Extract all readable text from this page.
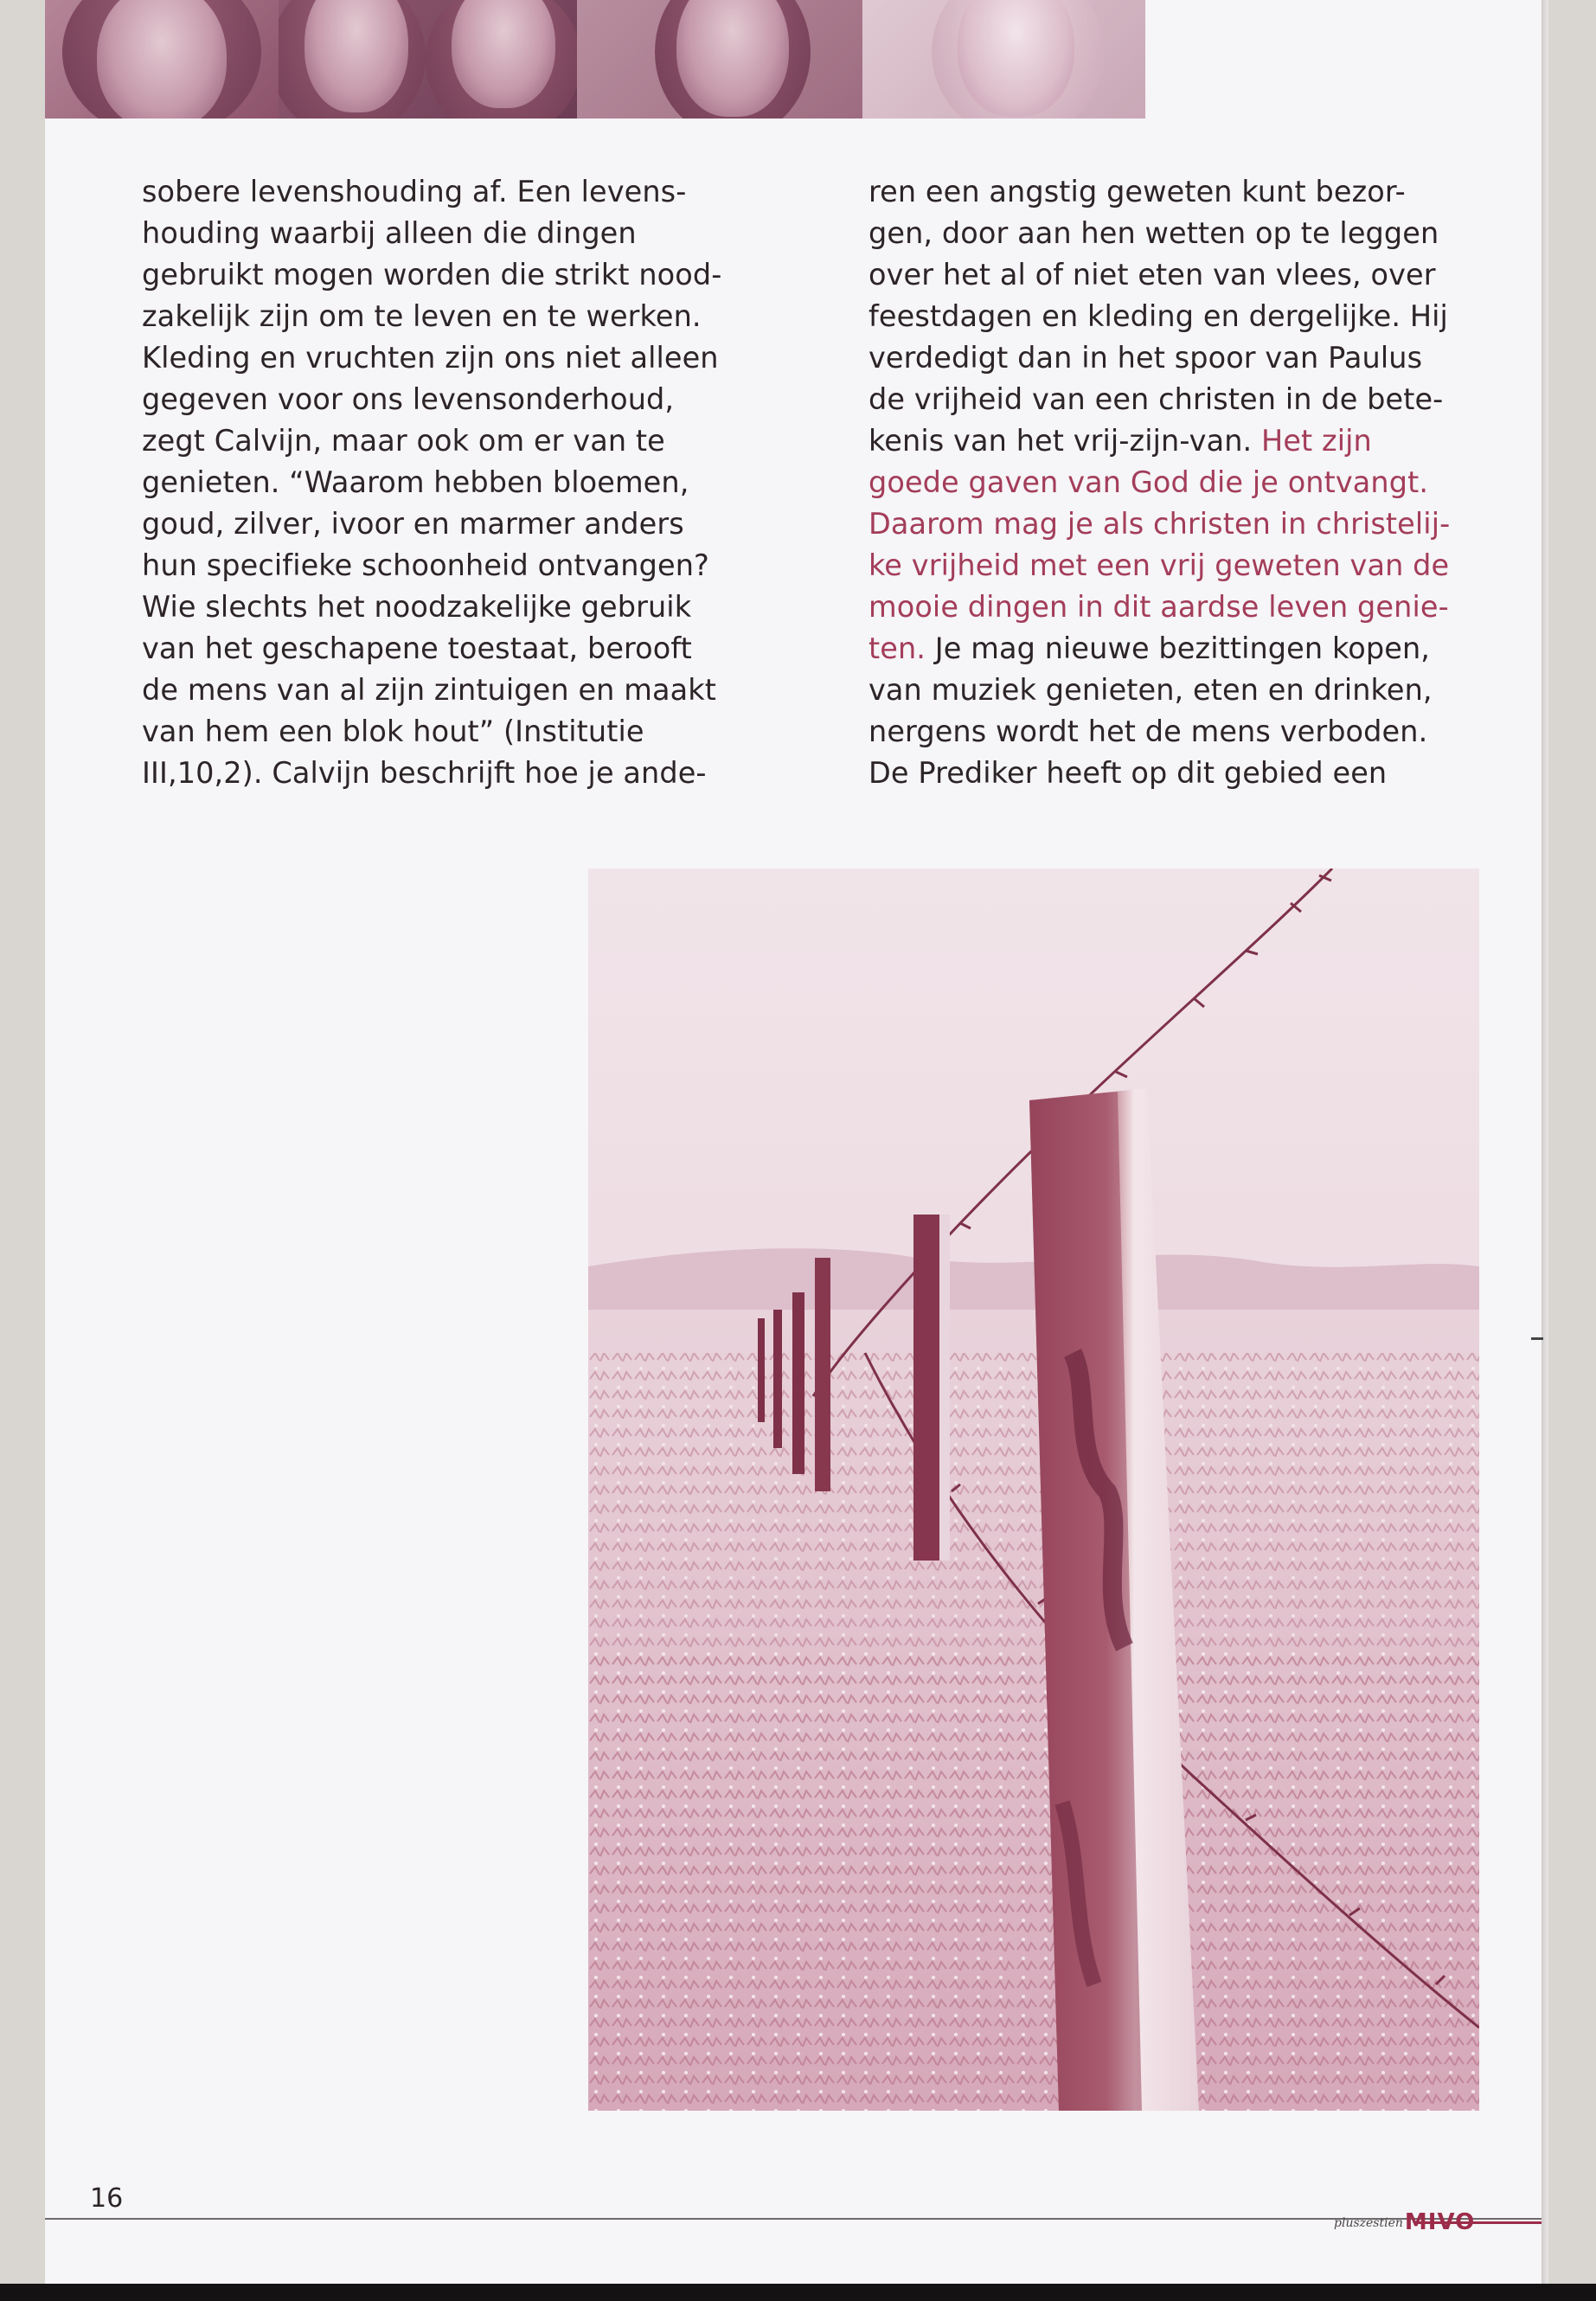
sobere levenshouding af. Een levens-
houding waarbij alleen die dingen
gebruikt mogen worden die strikt nood-
zakelijk zijn om te leven en te werken.
Kleding en vruchten zijn ons niet alleen
gegeven voor ons levensonderhoud,
zegt Calvijn, maar ook om er van te
genieten. “Waarom hebben bloemen,
goud, zilver, ivoor en marmer anders
hun specifieke schoonheid ontvangen?
Wie slechts het noodzakelijke gebruik
van het geschapene toestaat, berooft
de mens van al zijn zintuigen en maakt
van hem een blok hout” (Institutie
III,10,2). Calvijn beschrijft hoe je ande-
ren een angstig geweten kunt bezor-
gen, door aan hen wetten op te leggen
over het al of niet eten van vlees, over
feestdagen en kleding en dergelijke. Hij
verdedigt dan in het spoor van Paulus
de vrijheid van een christen in de bete-
kenis van het vrij-zijn-van. Het zijn
goede gaven van God die je ontvangt.
Daarom mag je als christen in christelij-
ke vrijheid met een vrij geweten van de
mooie dingen in dit aardse leven genie-
ten. Je mag nieuwe bezittingen kopen,
van muziek genieten, eten en drinken,
nergens wordt het de mens verboden.
De Prediker heeft op dit gebied een
16
pluszestien MIVO
